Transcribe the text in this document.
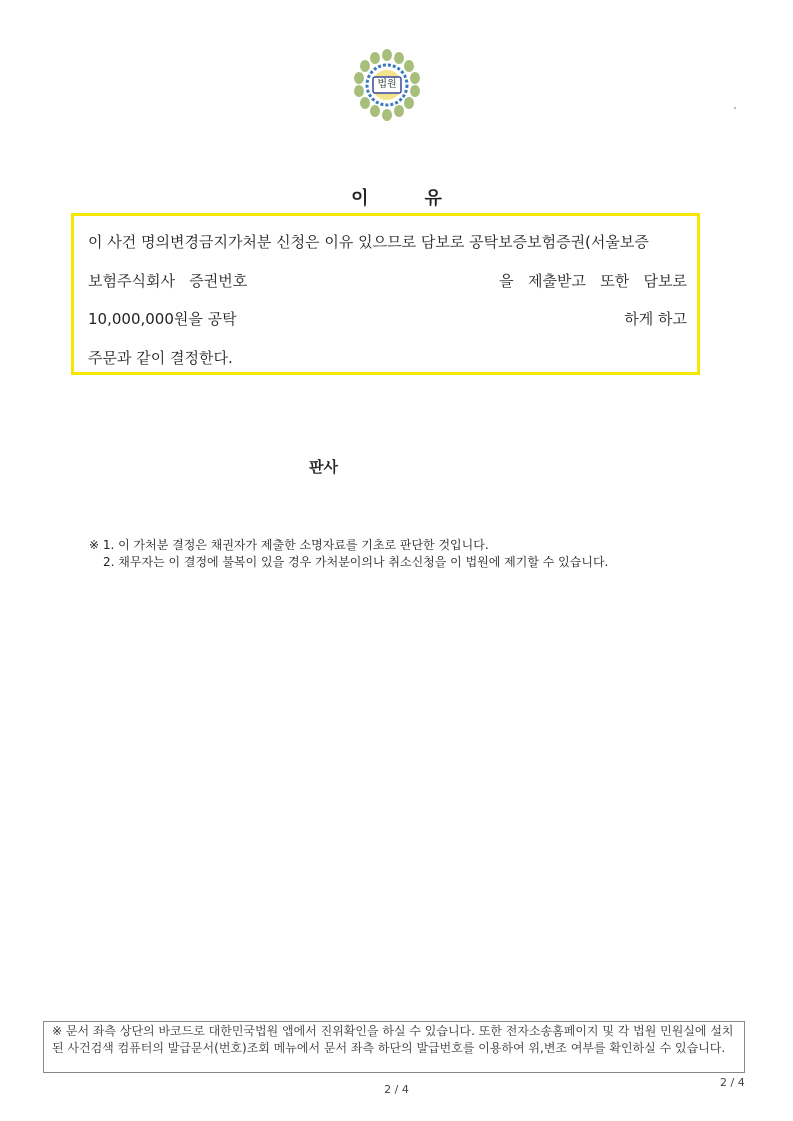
법원
이	유
이 사건 명의변경금지가처분 신청은 이유 있으므로 담보로 공탁보증보험증권(서울보증
보험주식회사   증권번호	을   제출받고   또한   담보로
10,000,000원을 공탁	하게 하고
주문과 같이 결정한다.
판사
※ 1. 이 가처분 결정은 채권자가 제출한 소명자료를 기초로 판단한 것입니다.
2. 채무자는 이 결정에 불복이 있을 경우 가처분이의나 취소신청을 이 법원에 제기할 수 있습니다.
※ 문서 좌측 상단의 바코드로 대한민국법원 앱에서 진위확인을 하실 수 있습니다. 또한 전자소송홈페이지 및 각 법원 민원실에 설치된 사건검색 컴퓨터의 발급문서(번호)조회 메뉴에서 문서 좌측 하단의 발급번호를 이용하여 위,변조 여부를 확인하실 수 있습니다.
2 / 4
2 / 4
